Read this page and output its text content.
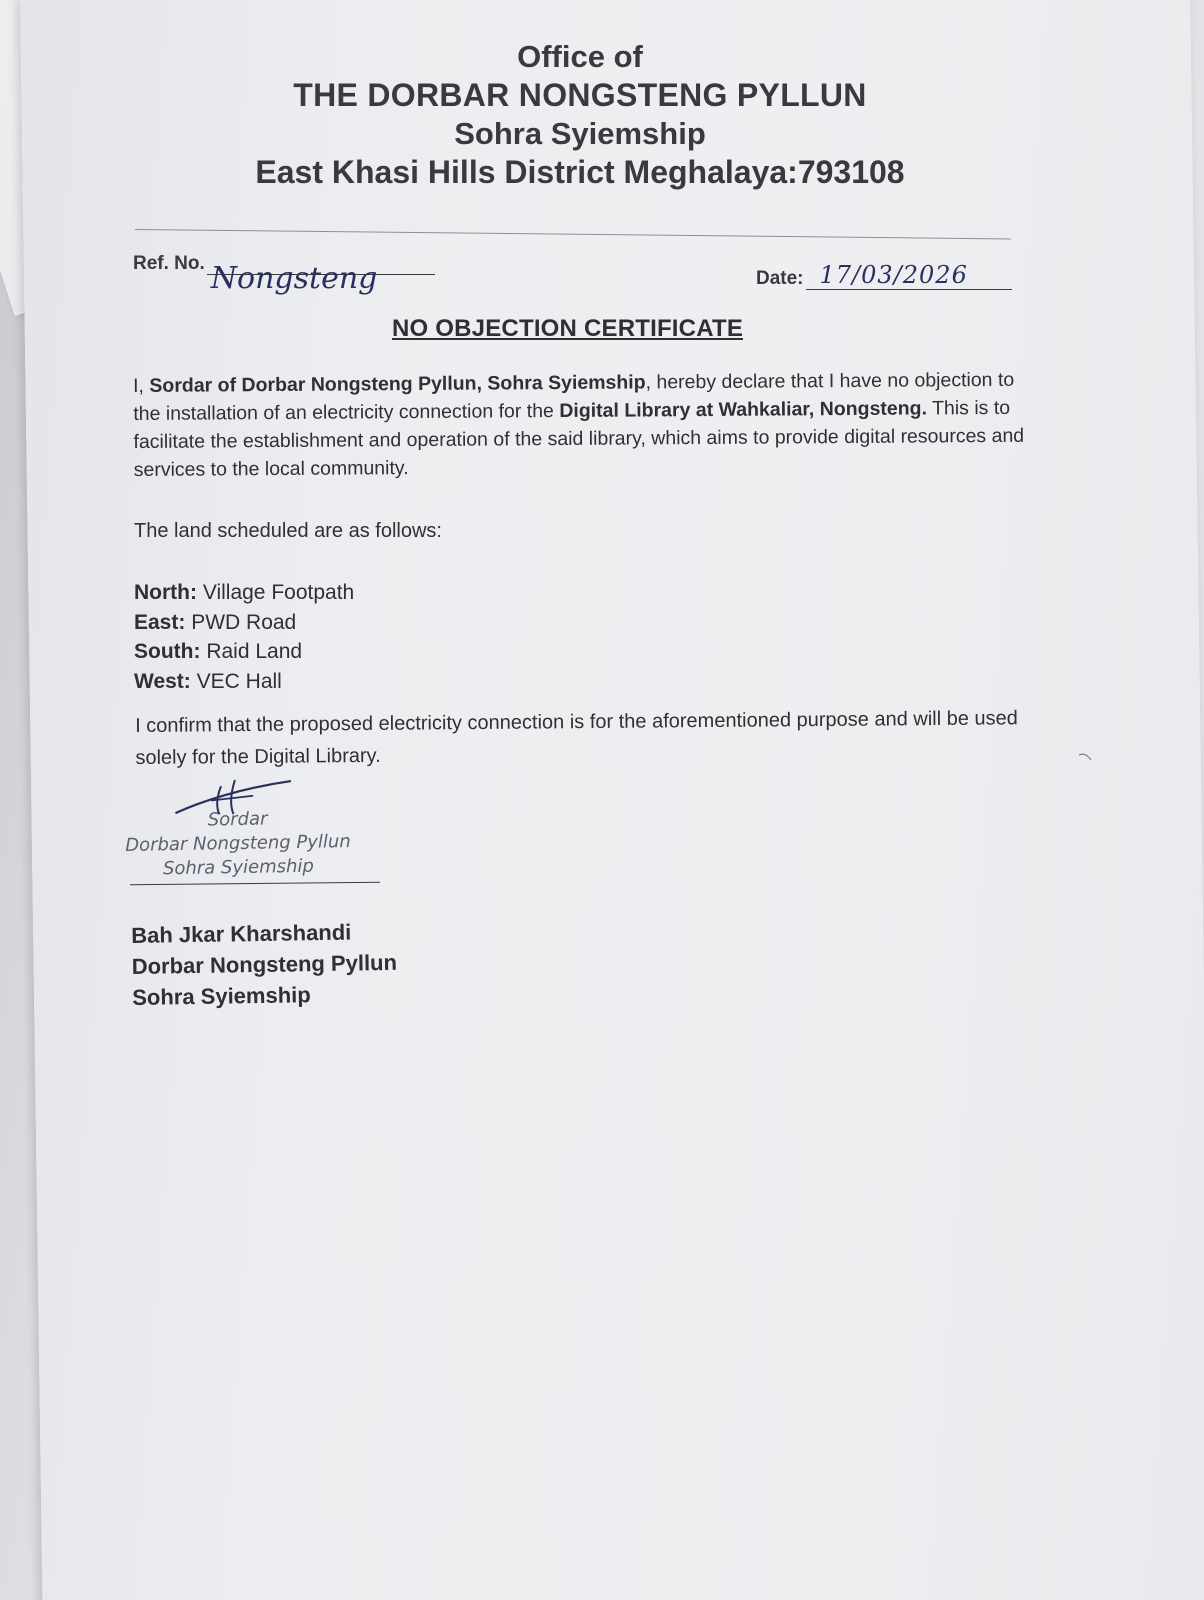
Office of
THE DORBAR NONGSTENG PYLLUN
Sohra Syiemship
East Khasi Hills District Meghalaya:793108
Ref. No. Nongsteng	Date: 17/03/2026
NO OBJECTION CERTIFICATE
I, Sordar of Dorbar Nongsteng Pyllun, Sohra Syiemship, hereby declare that I have no objection to the installation of an electricity connection for the Digital Library at Wahkaliar, Nongsteng. This is to facilitate the establishment and operation of the said library, which aims to provide digital resources and services to the local community.
The land scheduled are as follows:
North: Village Footpath
East: PWD Road
South: Raid Land
West: VEC Hall
I confirm that the proposed electricity connection is for the aforementioned purpose and will be used solely for the Digital Library.
Sordar
Dorbar Nongsteng Pyllun
Sohra Syiemship
Bah Jkar Kharshandi
Dorbar Nongsteng Pyllun
Sohra Syiemship
